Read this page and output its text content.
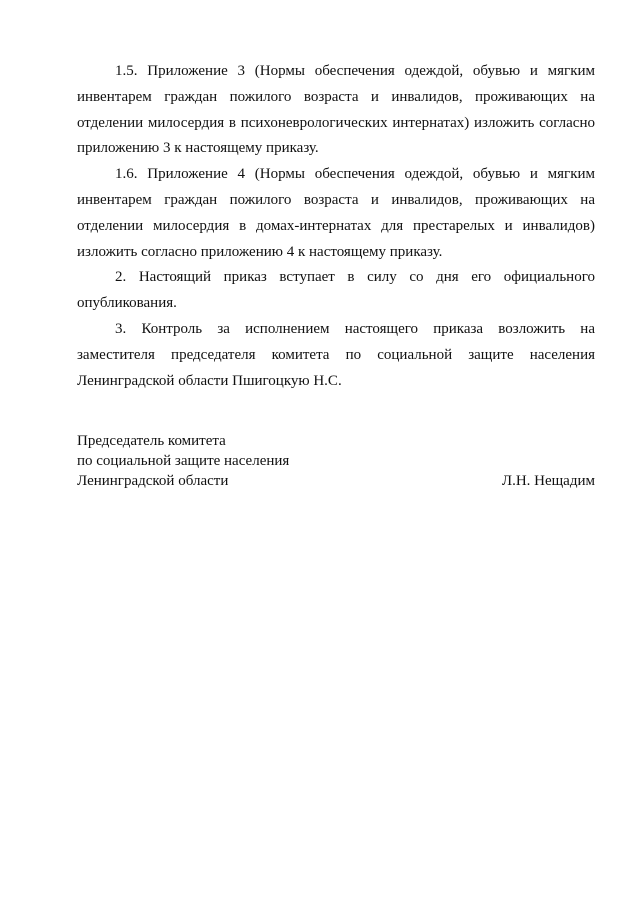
1.5. Приложение 3 (Нормы обеспечения одеждой, обувью и мягким инвентарем граждан пожилого возраста и инвалидов, проживающих на отделении милосердия в психоневрологических интернатах) изложить согласно приложению 3 к настоящему приказу.

1.6. Приложение 4 (Нормы обеспечения одеждой, обувью и мягким инвентарем граждан пожилого возраста и инвалидов, проживающих на отделении милосердия в домах-интернатах для престарелых и инвалидов) изложить согласно приложению 4 к настоящему приказу.

2. Настоящий приказ вступает в силу со дня его официального опубликования.

3. Контроль за исполнением настоящего приказа возложить на заместителя председателя комитета по социальной защите населения Ленинградской области Пшигоцкую Н.С.

Председатель комитета
по социальной защите населения
Ленинградской области	Л.Н. Нещадим
